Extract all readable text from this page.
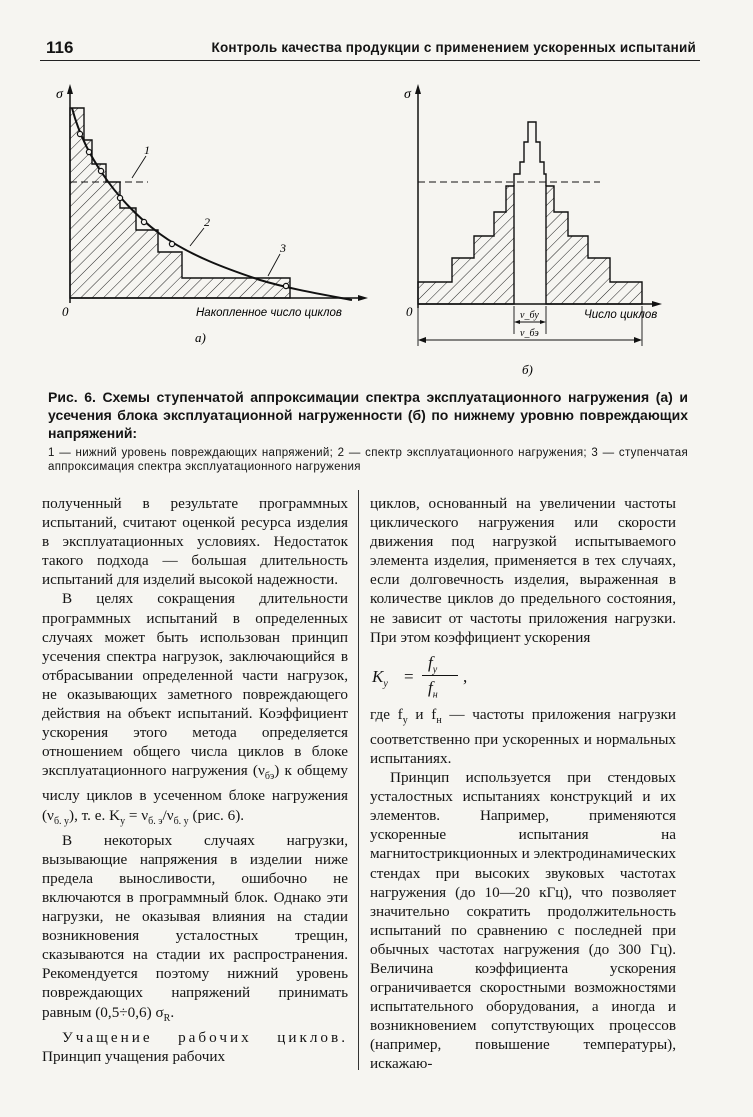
116	Контроль качества продукции с применением ускоренных испытаний
σ
0	Накопленное число циклов
1
2
3
а)
σ
0	Число циклов
ν_бу
ν_бэ
б)
Рис. 6. Схемы ступенчатой аппроксимации спектра эксплуатационного нагружения (а) и усечения блока эксплуатационной нагруженности (б) по нижнему уровню повреждающих напряжений:
1 — нижний уровень повреждающих напряжений; 2 — спектр эксплуатационного нагружения; 3 — ступенчатая аппроксимация спектра эксплуатационного нагружения

полученный в результате программных испытаний, считают оценкой ресурса изделия в эксплуатационных условиях. Недостаток такого подхода — большая длительность испытаний для изделий высокой надежности.

В целях сокращения длительности программных испытаний в определенных случаях может быть использован принцип усечения спектра нагрузок, заключающийся в отбрасывании определенной части нагрузок, не оказывающих заметного повреждающего действия на объект испытаний. Коэффициент ускорения этого метода определяется отношением общего числа циклов в блоке эксплуатационного нагружения $(\nu_{бэ})$ к общему числу циклов в усеченном блоке нагружения $(\nu_{б. у})$, т. е. $K_у = \nu_{б. э}/\nu_{б. у}$ (рис. 6).

В некоторых случаях нагрузки, вызывающие напряжения в изделии ниже предела выносливости, ошибочно не включаются в программный блок. Однако эти нагрузки, не оказывая влияния на стадии возникновения усталостных трещин, сказываются на стадии их распространения. Рекомендуется поэтому нижний уровень повреждающих напряжений принимать равным (0,5÷0,6) $\sigma_R$.

Учащение рабочих циклов. Принцип учащения рабочих

циклов, основанный на увеличении частоты циклического нагружения или скорости движения под нагрузкой испытываемого элемента изделия, применяется в тех случаях, если долговечность изделия, выраженная в количестве циклов до предельного состояния, не зависит от частоты приложения нагрузки. При этом коэффициент ускорения

$K_у$ =
$f_у$
$f_н$
,

где $f_у$ и $f_н$ — частоты приложения нагрузки соответственно при ускоренных и нормальных испытаниях.

Принцип используется при стендовых усталостных испытаниях конструкций и их элементов. Например, применяются ускоренные испытания на магнитострикционных и электродинамических стендах при высоких звуковых частотах нагружения (до 10—20 кГц), что позволяет значительно сократить продолжительность испытаний по сравнению с последней при обычных частотах нагружения (до 300 Гц). Величина коэффициента ускорения ограничивается скоростными возможностями испытательного оборудования, а иногда и возникновением сопутствующих процессов (например, повышение температуры), искажаю-
